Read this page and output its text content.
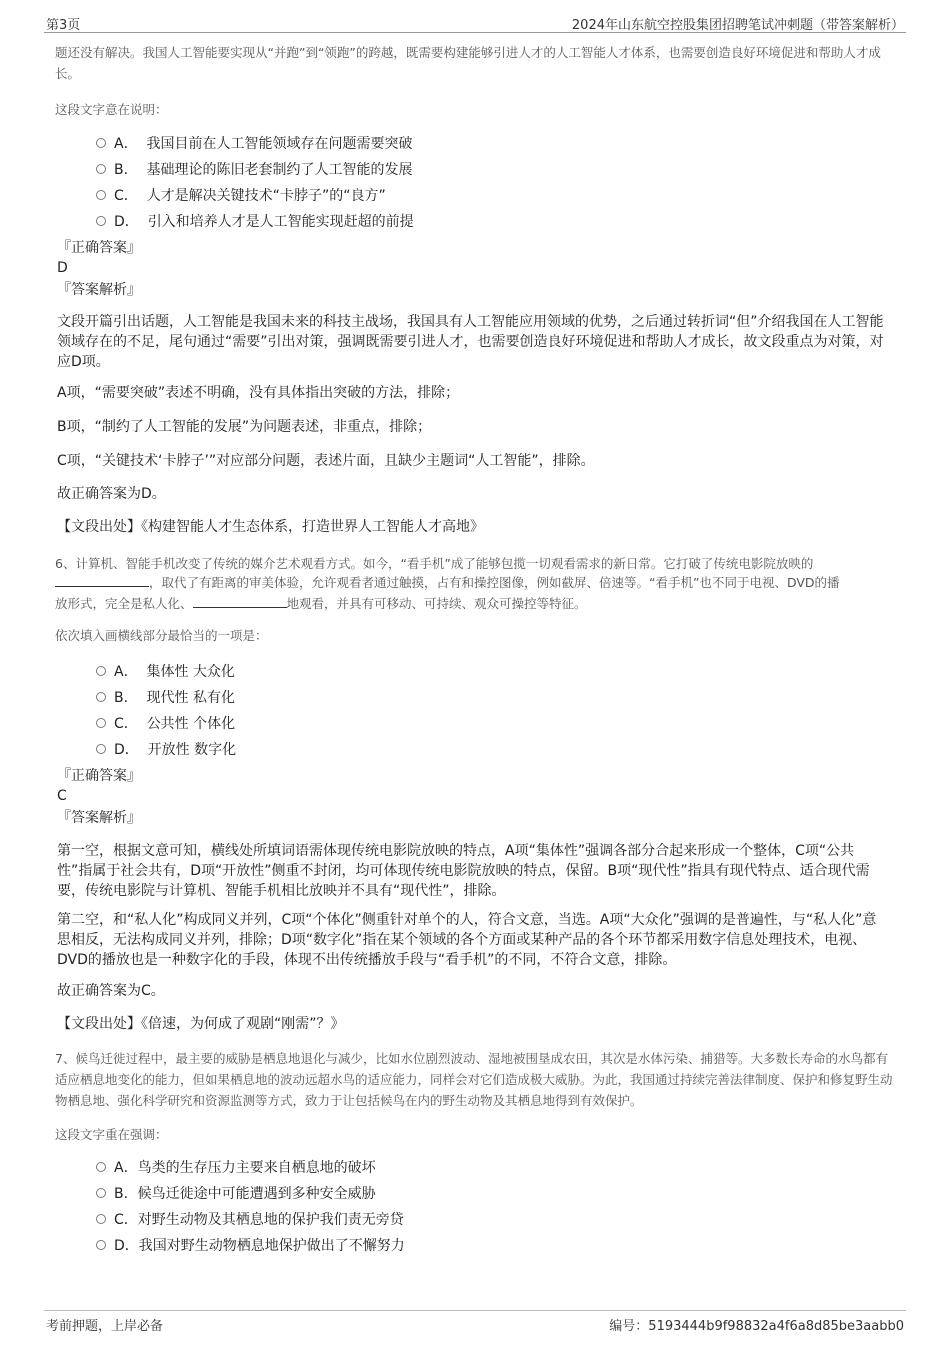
第3页	2024年山东航空控股集团招聘笔试冲刺题（带答案解析）
题还没有解决。我国人工智能要实现从“并跑”到“领跑”的跨越，既需要构建能够引进人才的人工智能人才体系，也需要创造良好环境促进和帮助人才成长。
这段文字意在说明：
A． 我国目前在人工智能领域存在问题需要突破
B． 基础理论的陈旧老套制约了人工智能的发展
C． 人才是解决关键技术“卡脖子”的“良方”
D． 引入和培养人才是人工智能实现赶超的前提
『正确答案』
D
『答案解析』
文段开篇引出话题，人工智能是我国未来的科技主战场，我国具有人工智能应用领域的优势，之后通过转折词“但”介绍我国在人工智能领域存在的不足，尾句通过“需要”引出对策，强调既需要引进人才，也需要创造良好环境促进和帮助人才成长，故文段重点为对策，对应D项。
A项，“需要突破”表述不明确，没有具体指出突破的方法，排除；
B项，“制约了人工智能的发展”为问题表述，非重点，排除；
C项，“关键技术‘卡脖子’”对应部分问题，表述片面，且缺少主题词“人工智能”，排除。
故正确答案为D。
【文段出处】《构建智能人才生态体系，打造世界人工智能人才高地》
6、计算机、智能手机改变了传统的媒介艺术观看方式。如今，“看手机”成了能够包揽一切观看需求的新日常。它打破了传统电影院放映的
，取代了有距离的审美体验，允许观看者通过触摸，占有和操控图像，例如截屏、倍速等。“看手机”也不同于电视、DVD的播
放形式，完全是私人化、	地观看，并具有可移动、可持续、观众可操控等特征。
依次填入画横线部分最恰当的一项是：
A． 集体性 大众化
B． 现代性 私有化
C． 公共性 个体化
D． 开放性 数字化
『正确答案』
C
『答案解析』
第一空，根据文意可知，横线处所填词语需体现传统电影院放映的特点，A项“集体性”强调各部分合起来形成一个整体，C项“公共性”指属于社会共有，D项“开放性”侧重不封闭，均可体现传统电影院放映的特点，保留。B项“现代性”指具有现代特点、适合现代需要，传统电影院与计算机、智能手机相比放映并不具有“现代性”，排除。
第二空，和“私人化”构成同义并列，C项“个体化”侧重针对单个的人，符合文意，当选。A项“大众化”强调的是普遍性，与“私人化”意思相反，无法构成同义并列，排除；D项“数字化”指在某个领域的各个方面或某种产品的各个环节都采用数字信息处理技术，电视、DVD的播放也是一种数字化的手段，体现不出传统播放手段与“看手机”的不同，不符合文意，排除。
故正确答案为C。
【文段出处】《倍速，为何成了观剧“刚需”？》
7、候鸟迁徙过程中，最主要的威胁是栖息地退化与减少，比如水位剧烈波动、湿地被围垦成农田，其次是水体污染、捕猎等。大多数长寿命的水鸟都有适应栖息地变化的能力，但如果栖息地的波动远超水鸟的适应能力，同样会对它们造成极大威胁。为此，我国通过持续完善法律制度、保护和修复野生动物栖息地、强化科学研究和资源监测等方式，致力于让包括候鸟在内的野生动物及其栖息地得到有效保护。
这段文字重在强调：
A．鸟类的生存压力主要来自栖息地的破坏
B．候鸟迁徙途中可能遭遇到多种安全威胁
C．对野生动物及其栖息地的保护我们责无旁贷
D．我国对野生动物栖息地保护做出了不懈努力
考前押题，上岸必备	编号：5193444b9f98832a4f6a8d85be3aabb0
